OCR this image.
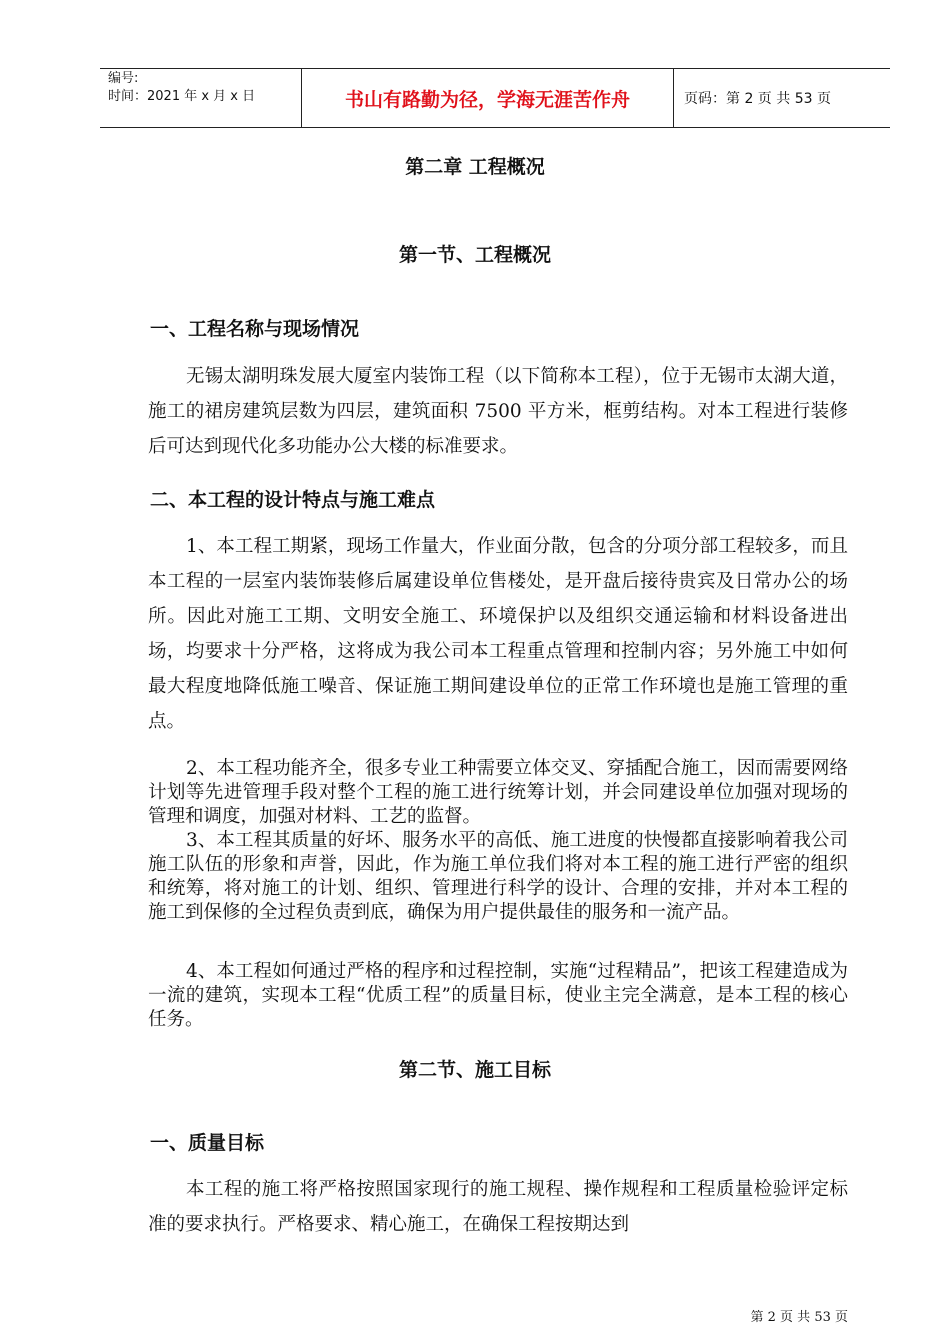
编号:
时间：2021 年 x 月 x 日	书山有路勤为径，学海无涯苦作舟	页码：第 2 页 共 53 页
第二章 工程概况
第一节、工程概况
一、工程名称与现场情况

无锡太湖明珠发展大厦室内装饰工程（以下简称本工程），位于无锡市太湖大道，施工的裙房建筑层数为四层，建筑面积 7500 平方米，框剪结构。对本工程进行装修后可达到现代化多功能办公大楼的标准要求。

二、本工程的设计特点与施工难点

1、本工程工期紧，现场工作量大，作业面分散，包含的分项分部工程较多，而且本工程的一层室内装饰装修后属建设单位售楼处，是开盘后接待贵宾及日常办公的场所。因此对施工工期、文明安全施工、环境保护以及组织交通运输和材料设备进出场，均要求十分严格，这将成为我公司本工程重点管理和控制内容；另外施工中如何最大程度地降低施工噪音、保证施工期间建设单位的正常工作环境也是施工管理的重点。

2、本工程功能齐全，很多专业工种需要立体交叉、穿插配合施工，因而需要网络计划等先进管理手段对整个工程的施工进行统筹计划，并会同建设单位加强对现场的管理和调度，加强对材料、工艺的监督。

3、本工程其质量的好坏、服务水平的高低、施工进度的快慢都直接影响着我公司施工队伍的形象和声誉，因此，作为施工单位我们将对本工程的施工进行严密的组织和统筹，将对施工的计划、组织、管理进行科学的设计、合理的安排，并对本工程的施工到保修的全过程负责到底，确保为用户提供最佳的服务和一流产品。

4、本工程如何通过严格的程序和过程控制，实施“过程精品”，把该工程建造成为一流的建筑，实现本工程“优质工程”的质量目标，使业主完全满意，是本工程的核心任务。

第二节、施工目标
一、质量目标

本工程的施工将严格按照国家现行的施工规程、操作规程和工程质量检验评定标准的要求执行。严格要求、精心施工，在确保工程按期达到

第 2 页 共 53 页
